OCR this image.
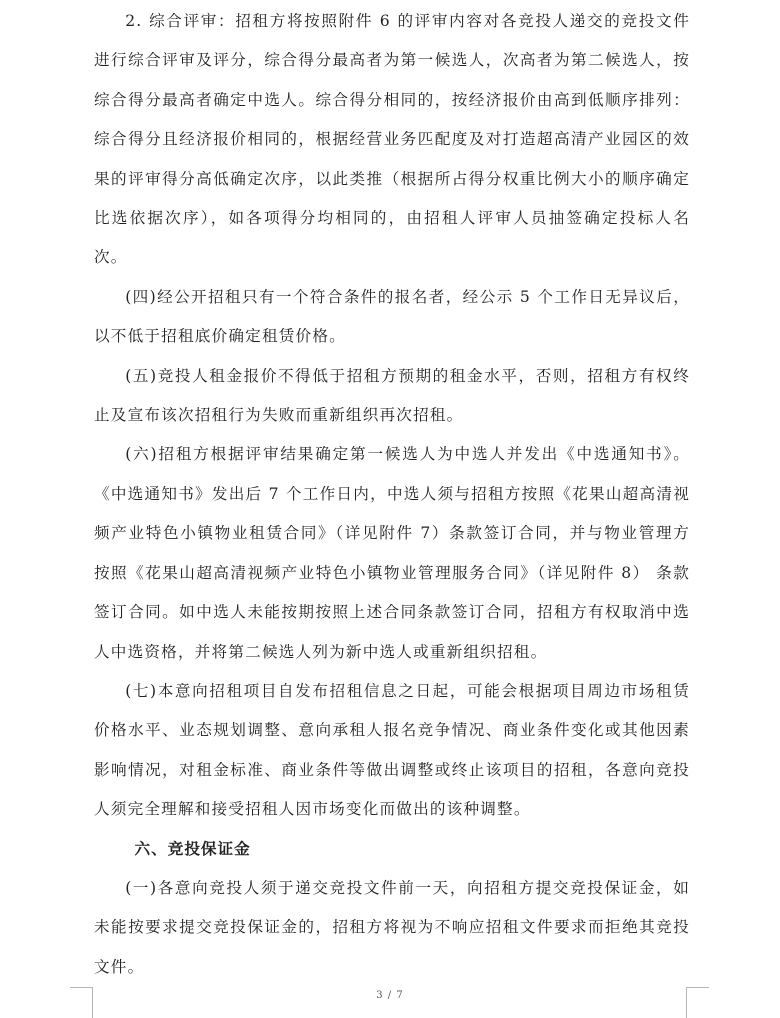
2. 综合评审：招租方将按照附件 6 的评审内容对各竞投人递交的竞投文件进行综合评审及评分，综合得分最高者为第一候选人，次高者为第二候选人，按综合得分最高者确定中选人。综合得分相同的，按经济报价由高到低顺序排列：综合得分且经济报价相同的，根据经营业务匹配度及对打造超高清产业园区的效果的评审得分高低确定次序，以此类推（根据所占得分权重比例大小的顺序确定比选依据次序），如各项得分均相同的，由招租人评审人员抽签确定投标人名次。

(四)经公开招租只有一个符合条件的报名者，经公示 5 个工作日无异议后，以不低于招租底价确定租赁价格。

(五)竞投人租金报价不得低于招租方预期的租金水平，否则，招租方有权终止及宣布该次招租行为失败而重新组织再次招租。

(六)招租方根据评审结果确定第一候选人为中选人并发出《中选通知书》。《中选通知书》发出后 7 个工作日内，中选人须与招租方按照《花果山超高清视频产业特色小镇物业租赁合同》（详见附件 7）条款签订合同，并与物业管理方按照《花果山超高清视频产业特色小镇物业管理服务合同》（详见附件 8） 条款签订合同。如中选人未能按期按照上述合同条款签订合同，招租方有权取消中选人中选资格，并将第二候选人列为新中选人或重新组织招租。

(七)本意向招租项目自发布招租信息之日起，可能会根据项目周边市场租赁价格水平、业态规划调整、意向承租人报名竞争情况、商业条件变化或其他因素影响情况，对租金标准、商业条件等做出调整或终止该项目的招租，各意向竞投人须完全理解和接受招租人因市场变化而做出的该种调整。

六、竞投保证金

(一)各意向竞投人须于递交竞投文件前一天，向招租方提交竞投保证金，如未能按要求提交竞投保证金的，招租方将视为不响应招租文件要求而拒绝其竞投文件。

3 / 7
